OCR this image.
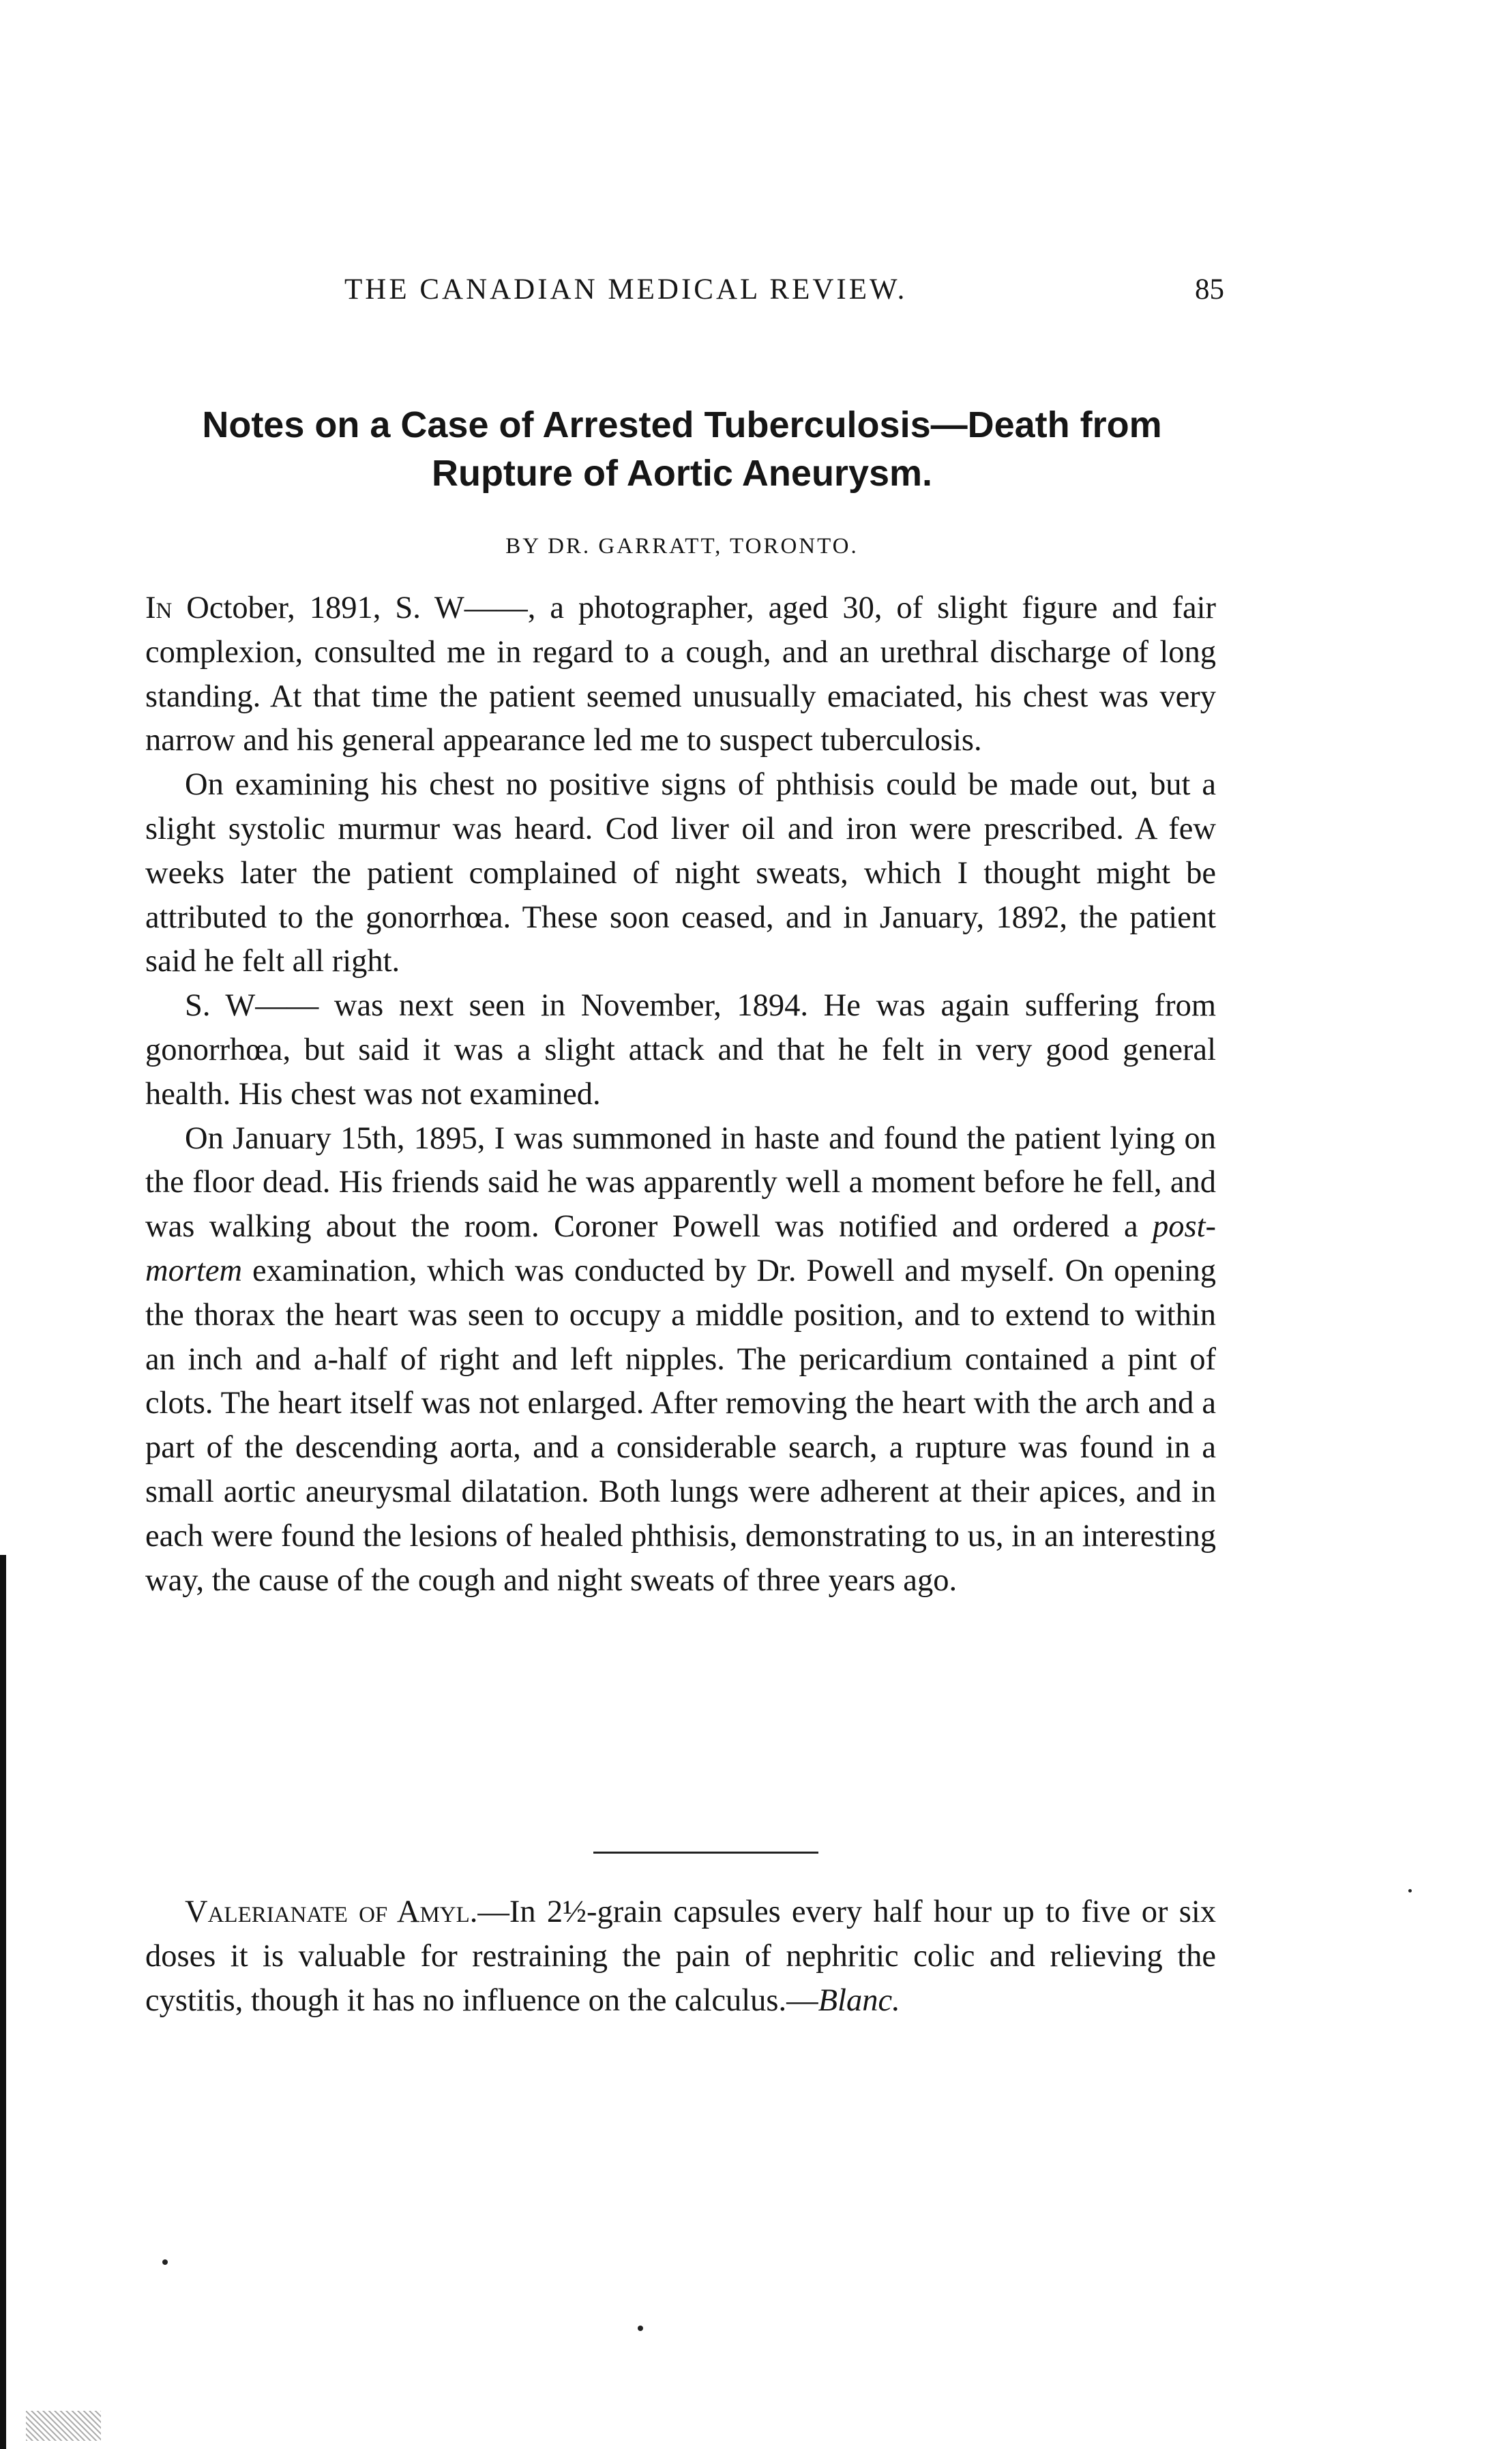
THE CANADIAN MEDICAL REVIEW.	85
Notes on a Case of Arrested Tuberculosis—Death from
Rupture of Aortic Aneurysm.
BY DR. GARRATT, TORONTO.

In October, 1891, S. W——, a photographer, aged 30, of slight figure and fair complexion, consulted me in regard to a cough, and an urethral discharge of long standing. At that time the patient seemed unusually emaciated, his chest was very narrow and his general appearance led me to suspect tuberculosis.

On examining his chest no positive signs of phthisis could be made out, but a slight systolic murmur was heard. Cod liver oil and iron were prescribed. A few weeks later the patient complained of night sweats, which I thought might be attributed to the gonorrhœa. These soon ceased, and in January, 1892, the patient said he felt all right.

S. W—— was next seen in November, 1894. He was again suffering from gonorrhœa, but said it was a slight attack and that he felt in very good general health. His chest was not examined.

On January 15th, 1895, I was summoned in haste and found the patient lying on the floor dead. His friends said he was apparently well a moment before he fell, and was walking about the room. Coroner Powell was notified and ordered a post-mortem examination, which was conducted by Dr. Powell and myself. On opening the thorax the heart was seen to occupy a middle position, and to extend to within an inch and a-half of right and left nipples. The pericardium contained a pint of clots. The heart itself was not enlarged. After removing the heart with the arch and a part of the descending aorta, and a considerable search, a rupture was found in a small aortic aneurysmal dilatation. Both lungs were adherent at their apices, and in each were found the lesions of healed phthisis, demonstrating to us, in an interesting way, the cause of the cough and night sweats of three years ago.

Valerianate of Amyl.—In 2½-grain capsules every half hour up to five or six doses it is valuable for restraining the pain of nephritic colic and relieving the cystitis, though it has no influence on the calculus.—Blanc.
